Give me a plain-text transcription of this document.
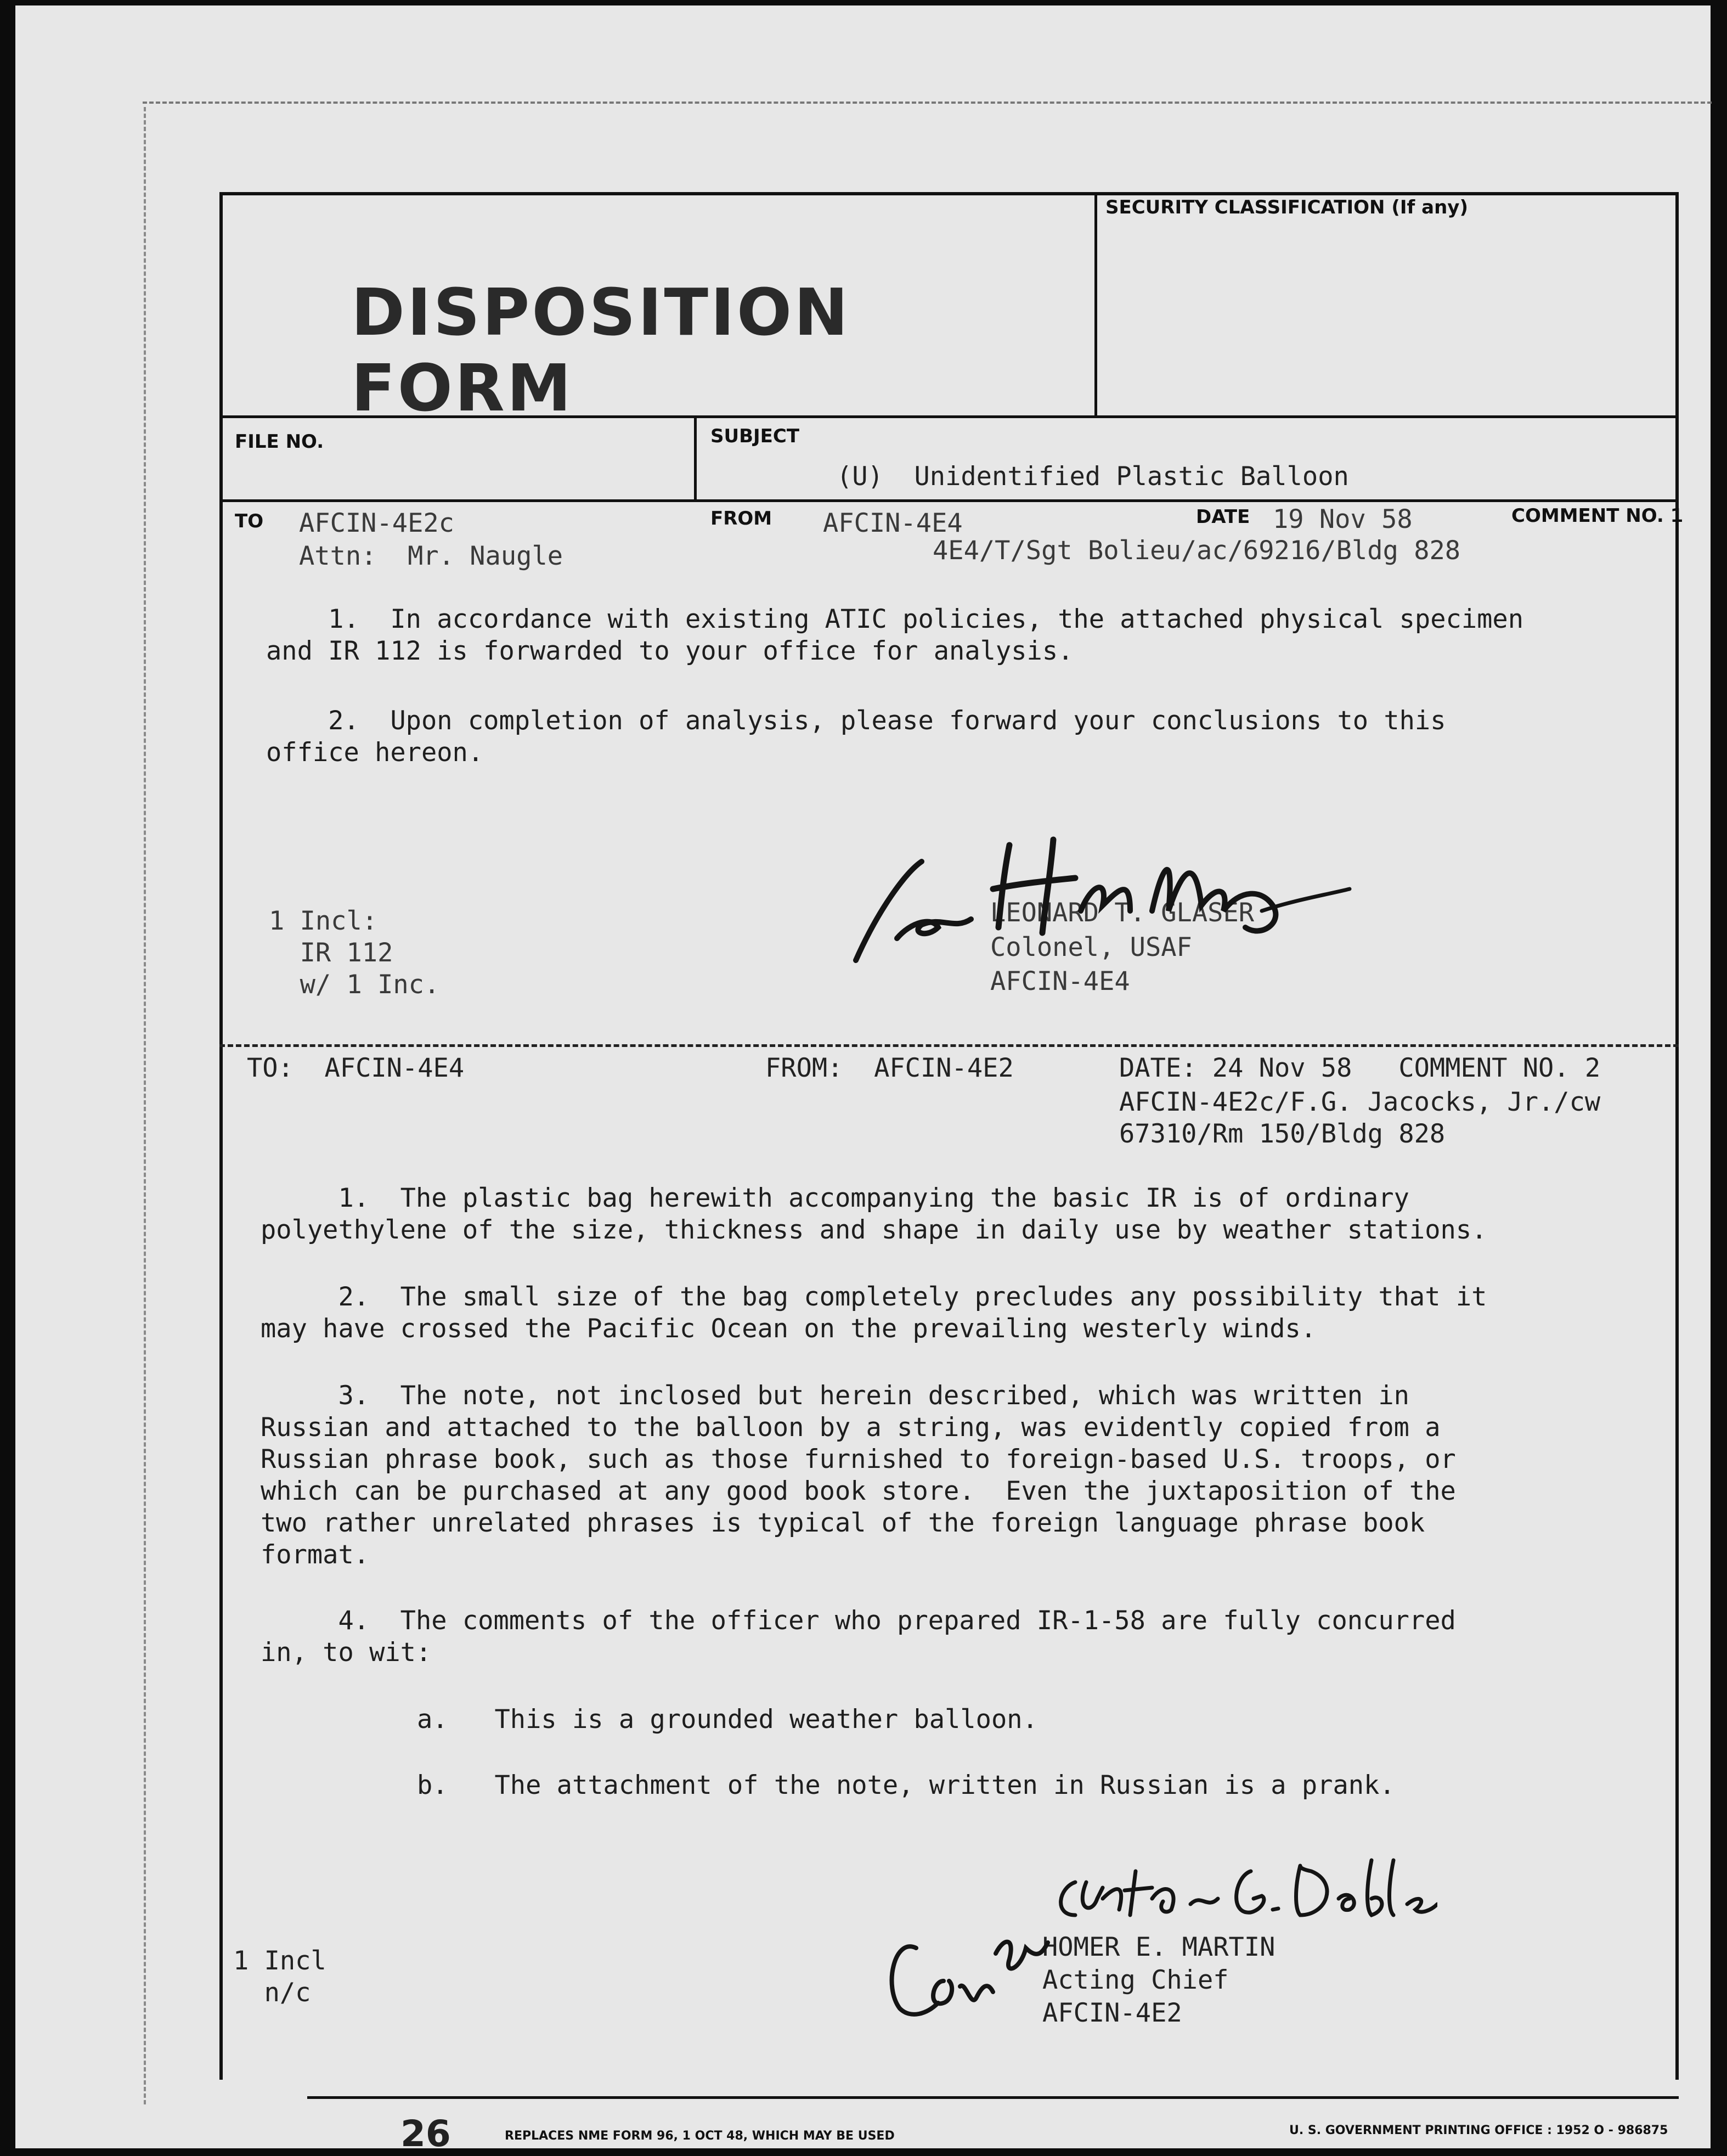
DISPOSITION FORM
SECURITY CLASSIFICATION (If any)
FILE NO.	SUBJECT
(U)  Unidentified Plastic Balloon
TO AFCIN-4E2c
Attn:  Mr. Naugle
FROM AFCIN-4E4
4E4/T/Sgt Bolieu/ac/69216/Bldg 828
DATE 19 Nov 58	COMMENT NO. 1
1.  In accordance with existing ATIC policies, the attached physical specimen
and IR 112 is forwarded to your office for analysis.
2.  Upon completion of analysis, please forward your conclusions to this
office hereon.
1 Incl:
IR 112
w/ 1 Inc.
LEONARD T. GLASER
Colonel, USAF
AFCIN-4E4
TO:  AFCIN-4E4	FROM:  AFCIN-4E2	DATE: 24 Nov 58   COMMENT NO. 2
AFCIN-4E2c/F.G. Jacocks, Jr./cw
67310/Rm 150/Bldg 828
1.  The plastic bag herewith accompanying the basic IR is of ordinary
polyethylene of the size, thickness and shape in daily use by weather stations.
2.  The small size of the bag completely precludes any possibility that it
may have crossed the Pacific Ocean on the prevailing westerly winds.
3.  The note, not inclosed but herein described, which was written in
Russian and attached to the balloon by a string, was evidently copied from a
Russian phrase book, such as those furnished to foreign-based U.S. troops, or
which can be purchased at any good book store.  Even the juxtaposition of the
two rather unrelated phrases is typical of the foreign language phrase book
format.
4.  The comments of the officer who prepared IR-1-58 are fully concurred
in, to wit:
a.   This is a grounded weather balloon.
b.   The attachment of the note, written in Russian is a prank.
1 Incl
n/c
HOMER E. MARTIN
Acting Chief
AFCIN-4E2
26	REPLACES NME FORM 96, 1 OCT 48, WHICH MAY BE USED	U. S. GOVERNMENT PRINTING OFFICE : 1952 O - 986875
